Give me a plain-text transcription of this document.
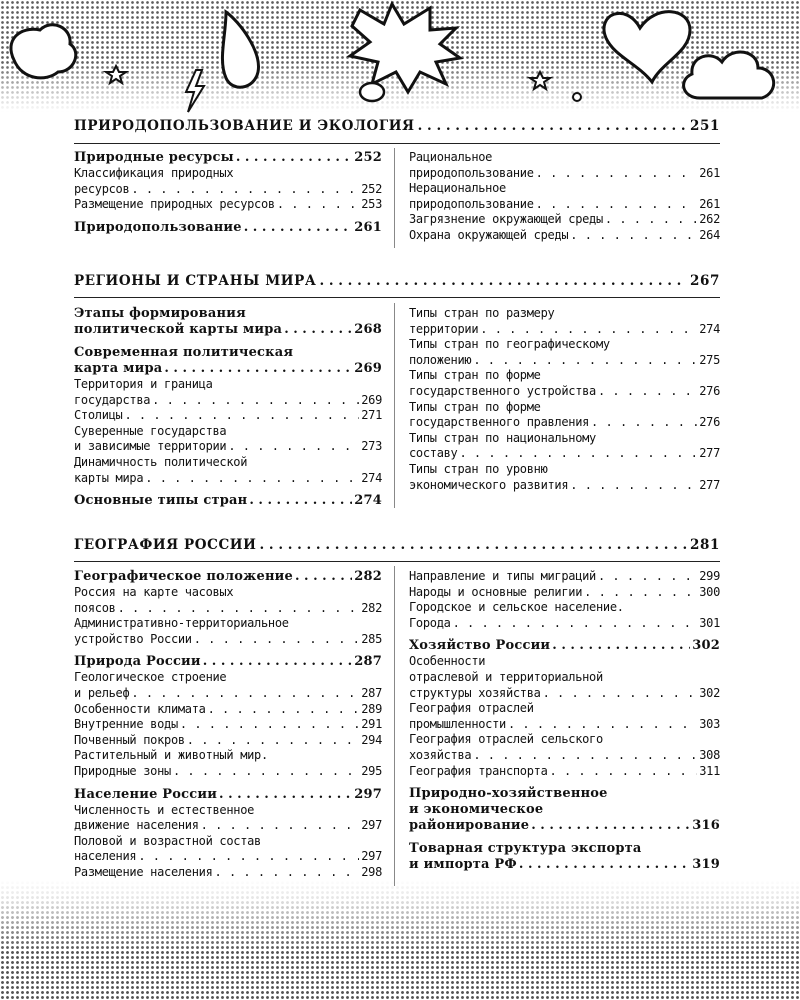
ПРИРОДОПОЛЬЗОВАНИЕ И ЭКОЛОГИЯ . . .	251
Природные ресурсы . . .	252
Классификация природных
ресурсов . . .	252
Размещение природных ресурсов . . .	253
Природопользование . . .	261
Рациональное
природопользование . . .	261
Нерациональное
природопользование . . .	261
Загрязнение окружающей среды . . .	262
Охрана окружающей среды . . .	264
РЕГИОНЫ И СТРАНЫ МИРА . . .	267
Этапы формирования
политической карты мира . . .	268
Современная политическая
карта мира . . .	269
Территория и граница
государства . . .	269
Столицы . . .	271
Суверенные государства
и зависимые территории . . .	273
Динамичность политической
карты мира . . .	274
Основные типы стран . . .	274
Типы стран по размеру
территории . . .	274
Типы стран по географическому
положению . . .	275
Типы стран по форме
государственного устройства . . .	276
Типы стран по форме
государственного правления . . .	276
Типы стран по национальному
составу . . .	277
Типы стран по уровню
экономического развития . . .	277
ГЕОГРАФИЯ РОССИИ . . .	281
Географическое положение . . .	282
Россия на карте часовых
поясов . . .	282
Административно-территориальное
устройство России . . .	285
Природа России . . .	287
Геологическое строение
и рельеф . . .	287
Особенности климата . . .	289
Внутренние воды . . .	291
Почвенный покров . . .	294
Растительный и животный мир.
Природные зоны . . .	295
Население России . . .	297
Численность и естественное
движение населения . . .	297
Половой и возрастной состав
населения . . .	297
Размещение населения . . .	298
Направление и типы миграций . . .	299
Народы и основные религии . . .	300
Городское и сельское население.
Города . . .	301
Хозяйство России . . .	302
Особенности
отраслевой и территориальной
структуры хозяйства . . .	302
География отраслей
промышленности . . .	303
География отраслей сельского
хозяйства . . .	308
География транспорта . . .	311
Природно-хозяйственное
и экономическое
районирование . . .	316
Товарная структура экспорта
и импорта РФ . . .	319
